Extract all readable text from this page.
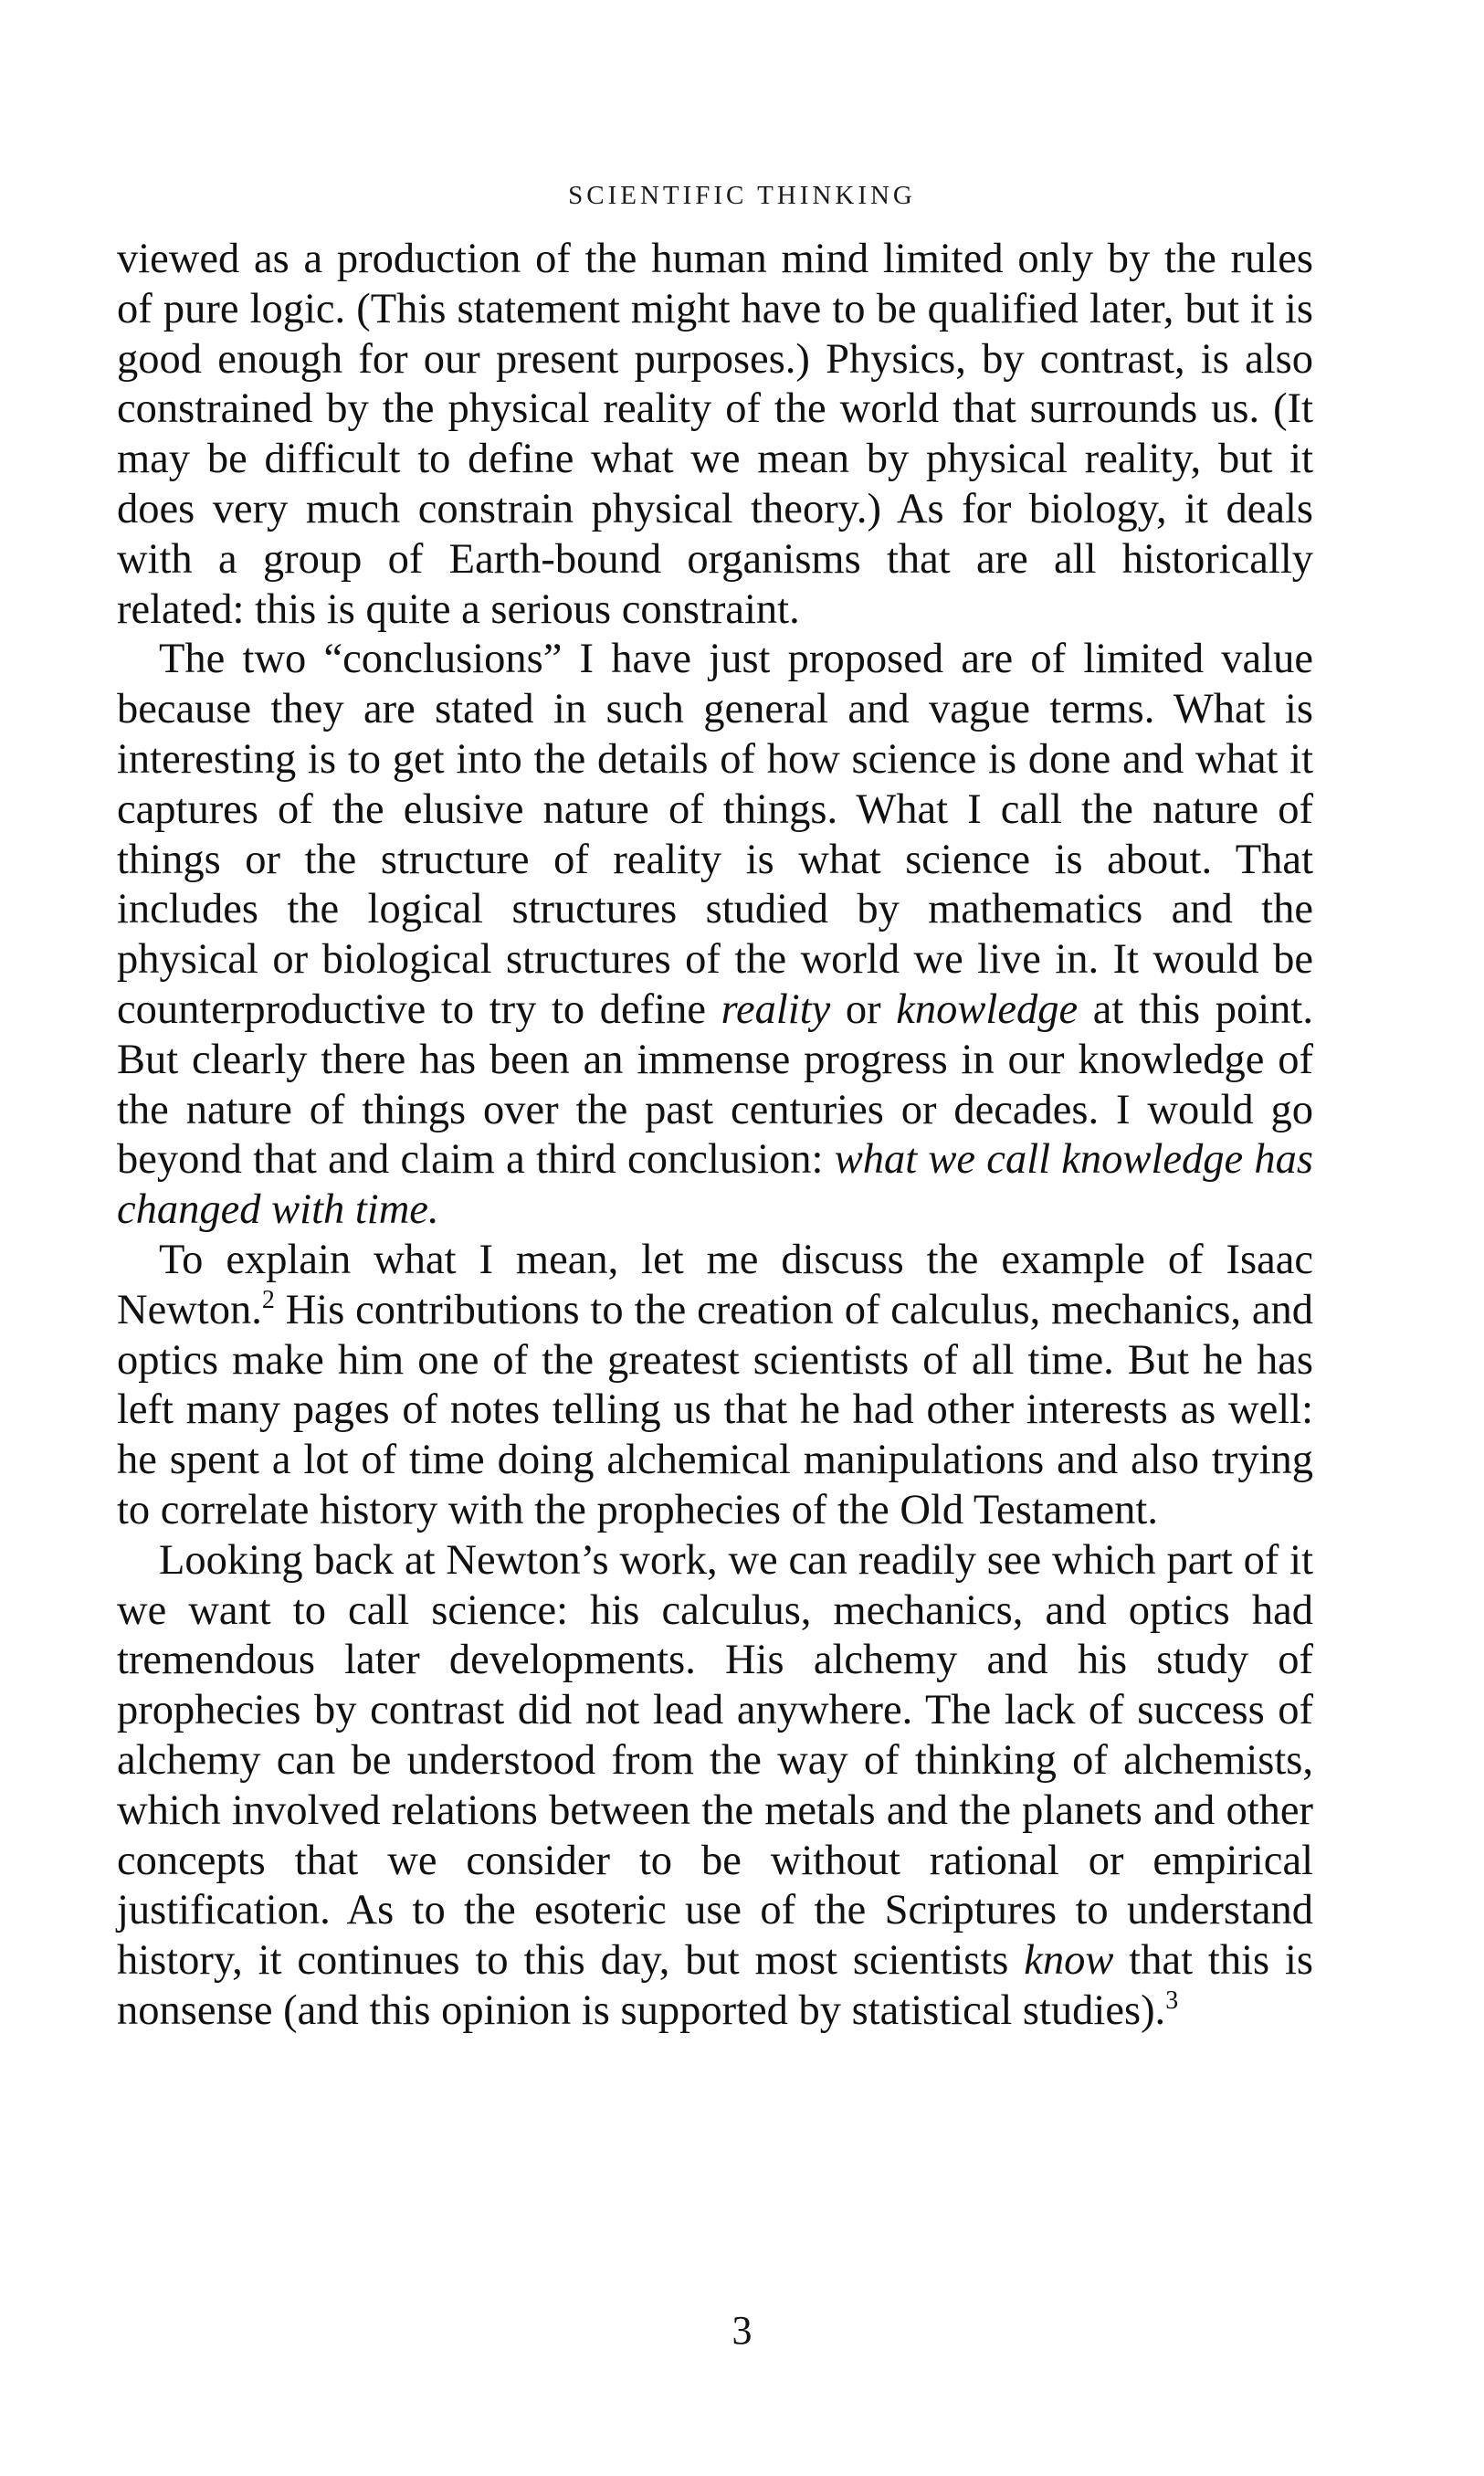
SCIENTIFIC THINKING

viewed as a production of the human mind limited only by the rules of pure logic. (This statement might have to be qualified later, but it is good enough for our present purposes.) Physics, by contrast, is also constrained by the physical reality of the world that surrounds us. (It may be difficult to define what we mean by physical reality, but it does very much constrain physical theory.) As for biology, it deals with a group of Earth-bound organisms that are all historically related: this is quite a serious constraint.

The two “conclusions” I have just proposed are of limited value because they are stated in such general and vague terms. What is interesting is to get into the details of how science is done and what it captures of the elusive nature of things. What I call the nature of things or the structure of reality is what science is about. That includes the logical structures studied by mathematics and the physical or biological structures of the world we live in. It would be counterproductive to try to define reality or knowledge at this point. But clearly there has been an immense progress in our knowledge of the nature of things over the past centuries or decades. I would go beyond that and claim a third conclusion: what we call knowledge has changed with time.

To explain what I mean, let me discuss the example of Isaac Newton.$^2$ His contributions to the creation of calculus, mechanics, and optics make him one of the greatest scientists of all time. But he has left many pages of notes telling us that he had other interests as well: he spent a lot of time doing alchemical manipulations and also trying to correlate history with the prophecies of the Old Testament.

Looking back at Newton’s work, we can readily see which part of it we want to call science: his calculus, mechanics, and optics had tremendous later developments. His alchemy and his study of prophecies by contrast did not lead anywhere. The lack of success of alchemy can be understood from the way of thinking of alchemists, which involved relations between the metals and the planets and other concepts that we consider to be without rational or empirical justification. As to the esoteric use of the Scriptures to understand history, it continues to this day, but most scientists know that this is nonsense (and this opinion is supported by statistical studies).$^3$

3
